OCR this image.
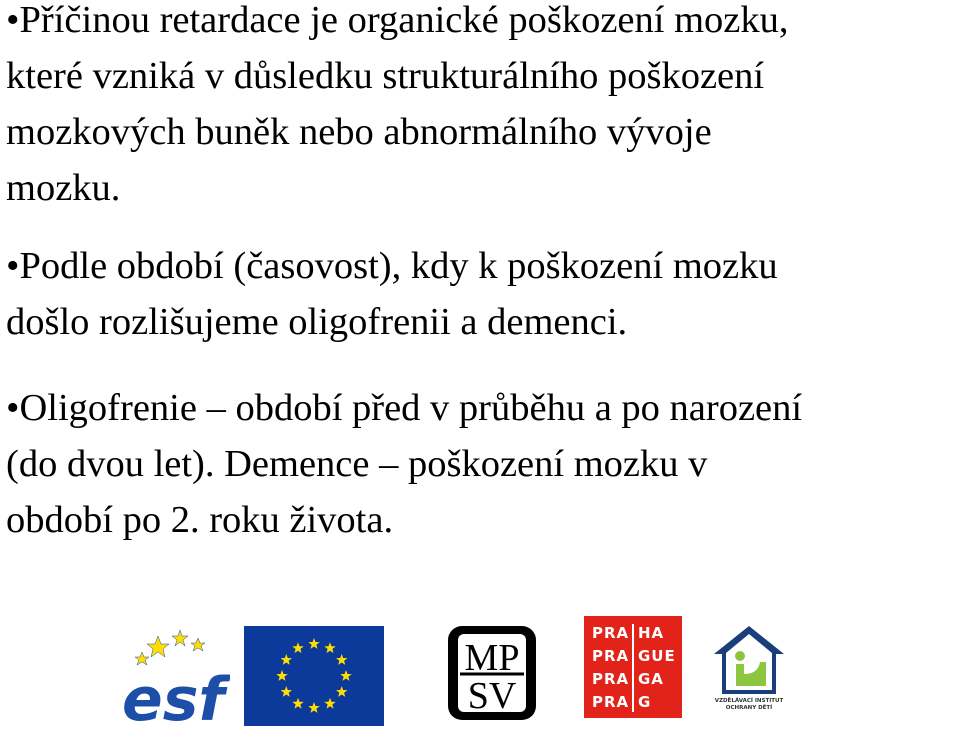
•Příčinou retardace je organické poškození mozku,
které vzniká v důsledku strukturálního poškození
mozkových buněk nebo abnormálního vývoje
mozku.

•Podle období (časovost), kdy k poškození mozku
došlo rozlišujeme oligofrenii a demenci.

•Oligofrenie – období před v průběhu a po narození
(do dvou let). Demence – poškození mozku v
období po 2. roku života.

esf
MP
SV
PRA HA
PRA GUE
PRA GA
PRA G	VZDĚLÁVACÍ INSTITUT OCHRANY DĚTÍ
